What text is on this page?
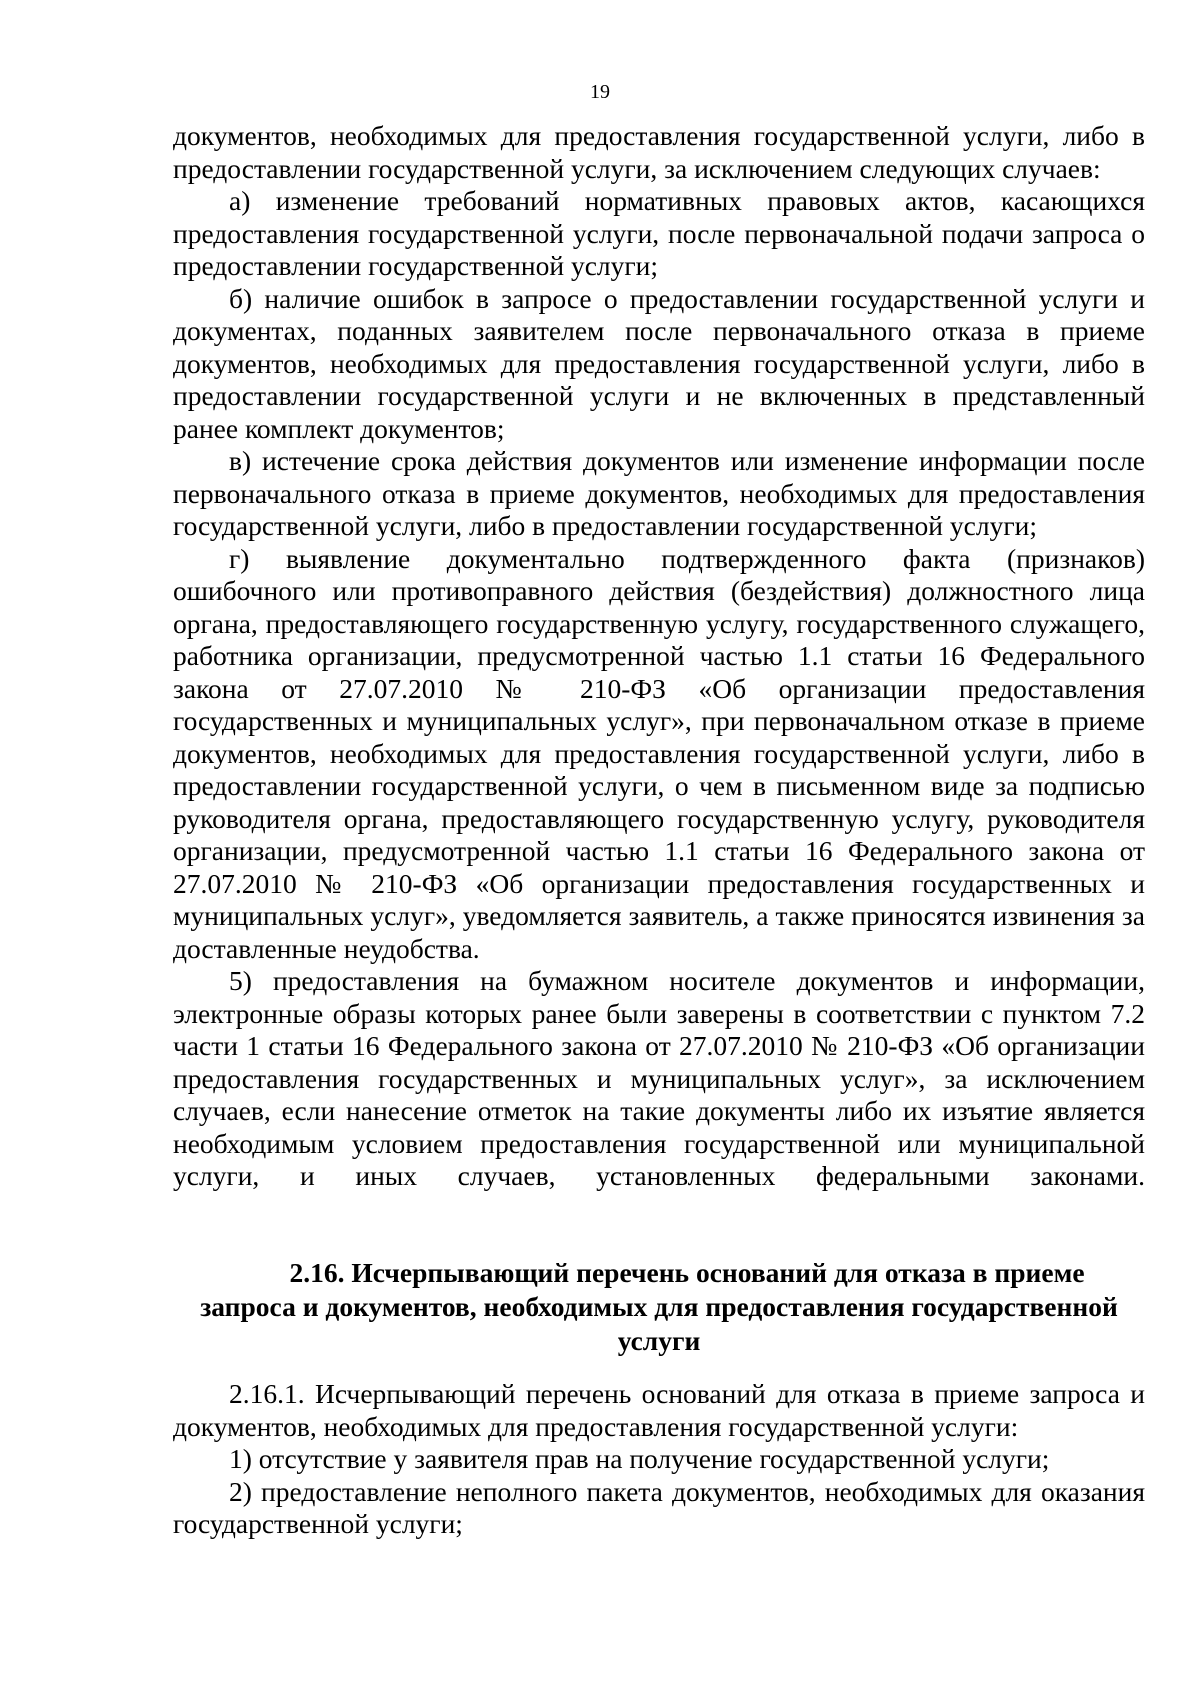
19

документов, необходимых для предоставления государственной услуги, либо в предоставлении государственной услуги, за исключением следующих случаев:

а) изменение требований нормативных правовых актов, касающихся предоставления государственной услуги, после первоначальной подачи запроса о предоставлении государственной услуги;

б) наличие ошибок в запросе о предоставлении государственной услуги и документах, поданных заявителем после первоначального отказа в приеме документов, необходимых для предоставления государственной услуги, либо в предоставлении государственной услуги и не включенных в представленный ранее комплект документов;

в) истечение срока действия документов или изменение информации после первоначального отказа в приеме документов, необходимых для предоставления государственной услуги, либо в предоставлении государственной услуги;

г) выявление документально подтвержденного факта (признаков) ошибочного или противоправного действия (бездействия) должностного лица органа, предоставляющего государственную услугу, государственного служащего, работника организации, предусмотренной частью 1.1 статьи 16 Федерального закона от 27.07.2010 № 210-ФЗ «Об организации предоставления государственных и муниципальных услуг», при первоначальном отказе в приеме документов, необходимых для предоставления государственной услуги, либо в предоставлении государственной услуги, о чем в письменном виде за подписью руководителя органа, предоставляющего государственную услугу, руководителя организации, предусмотренной частью 1.1 статьи 16 Федерального закона от 27.07.2010 № 210-ФЗ «Об организации предоставления государственных и муниципальных услуг», уведомляется заявитель, а также приносятся извинения за доставленные неудобства.

5) предоставления на бумажном носителе документов и информации, электронные образы которых ранее были заверены в соответствии с пунктом 7.2 части 1 статьи 16 Федерального закона от 27.07.2010 № 210-ФЗ «Об организации предоставления государственных и муниципальных услуг», за исключением случаев, если нанесение отметок на такие документы либо их изъятие является необходимым условием предоставления государственной или муниципальной услуги, и иных случаев, установленных федеральными законами.

2.16. Исчерпывающий перечень оснований для отказа в приеме
запроса и документов, необходимых для предоставления государственной
услуги

2.16.1. Исчерпывающий перечень оснований для отказа в приеме запроса и документов, необходимых для предоставления государственной услуги:

1) отсутствие у заявителя прав на получение государственной услуги;

2) предоставление неполного пакета документов, необходимых для оказания государственной услуги;
